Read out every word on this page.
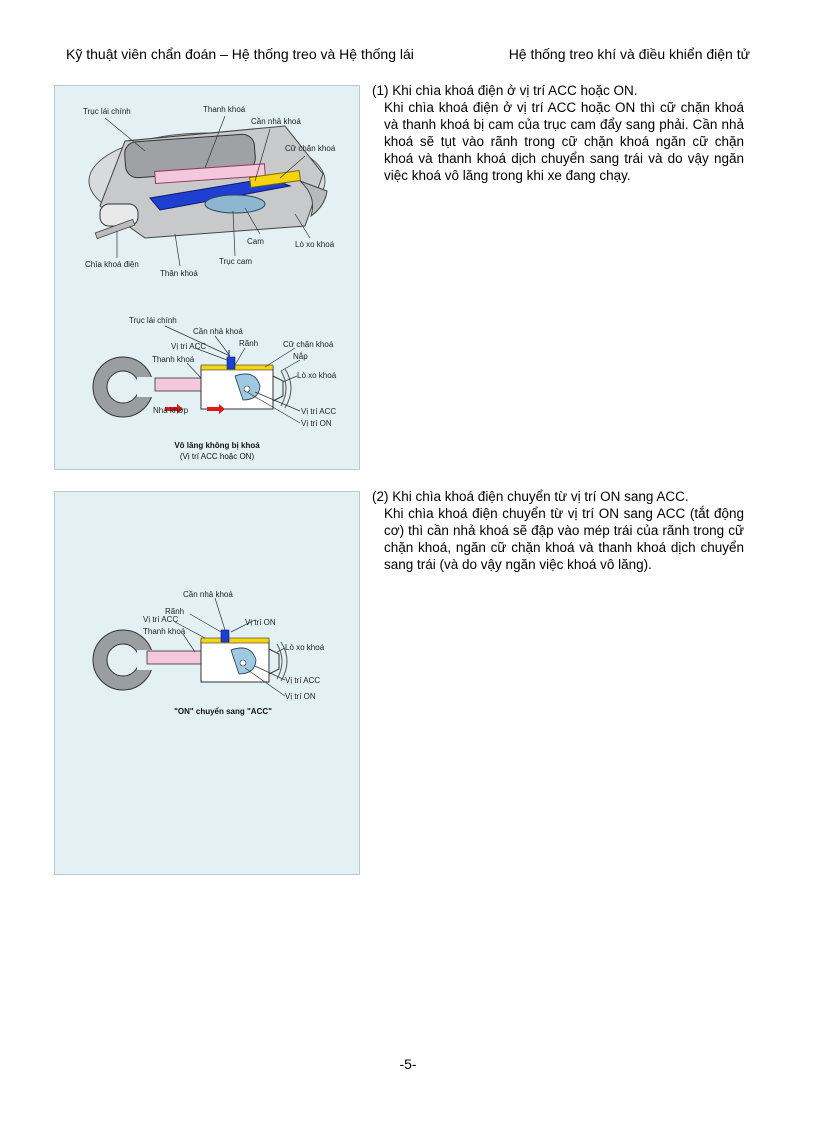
Kỹ thuật viên chẩn đoán – Hệ thống treo và Hệ thống lái	Hệ thống treo khí và điều khiển điện tử
Trục lái chính	Thanh khoá
Cần nhả khoá
Cữ chặn khoá
Cam	Lò xo khoá
Chìa khoá điện	Trục cam
Thân khoá
Trục lái chính
Cần nhả khoá
Rãnh
Vị trí ACC	Cữ chặn khoá
Thanh khoá	Nắp
Lò xo khoá
Nhả khớp	Vị trí ACC
Vị trí ON
Vô lăng không bị khoá
(Vị trí ACC hoặc ON)
Cần nhả khoá
Rãnh
Vị trí ACC	Vị trí ON
Thanh khoá
Lò xo khoá
Vị trí ACC
Vị trí ON
"ON" chuyển sang "ACC"

(1) Khi chìa khoá điện ở vị trí ACC hoặc ON.

Khi chìa khoá điện ở vị trí ACC hoặc ON thì cữ chặn khoá và thanh khoá bị cam của trục cam đẩy sang phải. Cần nhả khoá sẽ tụt vào rãnh trong cữ chặn khoá ngăn cữ chặn khoá và thanh khoá dịch chuyển sang trái và do vậy ngăn việc khoá vô lăng trong khi xe đang chạy.

(2) Khi chìa khoá điện chuyển từ vị trí ON sang ACC.

Khi chìa khoá điện chuyển từ vị trí ON sang ACC (tắt động cơ) thì cần nhả khoá sẽ đập vào mép trái của rãnh trong cữ chặn khoá, ngăn cữ chặn khoá và thanh khoá dịch chuyển sang trái (và do vậy ngăn việc khoá vô lăng).

-5-
